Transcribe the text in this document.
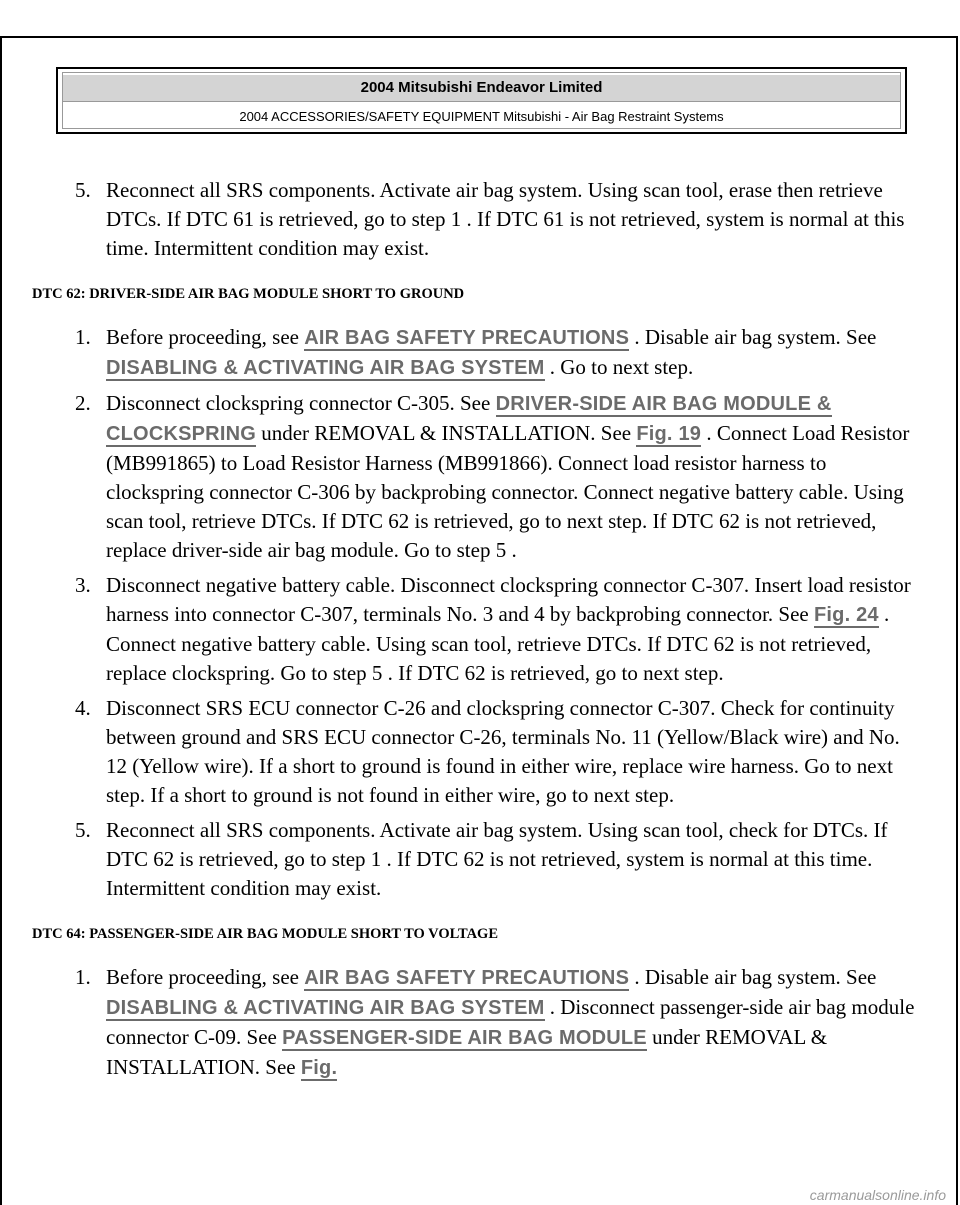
2004 Mitsubishi Endeavor Limited
2004 ACCESSORIES/SAFETY EQUIPMENT Mitsubishi - Air Bag Restraint Systems
5. Reconnect all SRS components. Activate air bag system. Using scan tool, erase then retrieve DTCs. If DTC 61 is retrieved, go to step 1 . If DTC 61 is not retrieved, system is normal at this time. Intermittent condition may exist.
DTC 62: DRIVER-SIDE AIR BAG MODULE SHORT TO GROUND
1. Before proceeding, see AIR BAG SAFETY PRECAUTIONS . Disable air bag system. See DISABLING & ACTIVATING AIR BAG SYSTEM . Go to next step.
2. Disconnect clockspring connector C-305. See DRIVER-SIDE AIR BAG MODULE & CLOCKSPRING under REMOVAL & INSTALLATION. See Fig. 19 . Connect Load Resistor (MB991865) to Load Resistor Harness (MB991866). Connect load resistor harness to clockspring connector C-306 by backprobing connector. Connect negative battery cable. Using scan tool, retrieve DTCs. If DTC 62 is retrieved, go to next step. If DTC 62 is not retrieved, replace driver-side air bag module. Go to step 5 .
3. Disconnect negative battery cable. Disconnect clockspring connector C-307. Insert load resistor harness into connector C-307, terminals No. 3 and 4 by backprobing connector. See Fig. 24 . Connect negative battery cable. Using scan tool, retrieve DTCs. If DTC 62 is not retrieved, replace clockspring. Go to step 5 . If DTC 62 is retrieved, go to next step.
4. Disconnect SRS ECU connector C-26 and clockspring connector C-307. Check for continuity between ground and SRS ECU connector C-26, terminals No. 11 (Yellow/Black wire) and No. 12 (Yellow wire). If a short to ground is found in either wire, replace wire harness. Go to next step. If a short to ground is not found in either wire, go to next step.
5. Reconnect all SRS components. Activate air bag system. Using scan tool, check for DTCs. If DTC 62 is retrieved, go to step 1 . If DTC 62 is not retrieved, system is normal at this time. Intermittent condition may exist.
DTC 64: PASSENGER-SIDE AIR BAG MODULE SHORT TO VOLTAGE
1. Before proceeding, see AIR BAG SAFETY PRECAUTIONS . Disable air bag system. See DISABLING & ACTIVATING AIR BAG SYSTEM . Disconnect passenger-side air bag module connector C-09. See PASSENGER-SIDE AIR BAG MODULE under REMOVAL & INSTALLATION. See Fig.
carmanualsonline.info
